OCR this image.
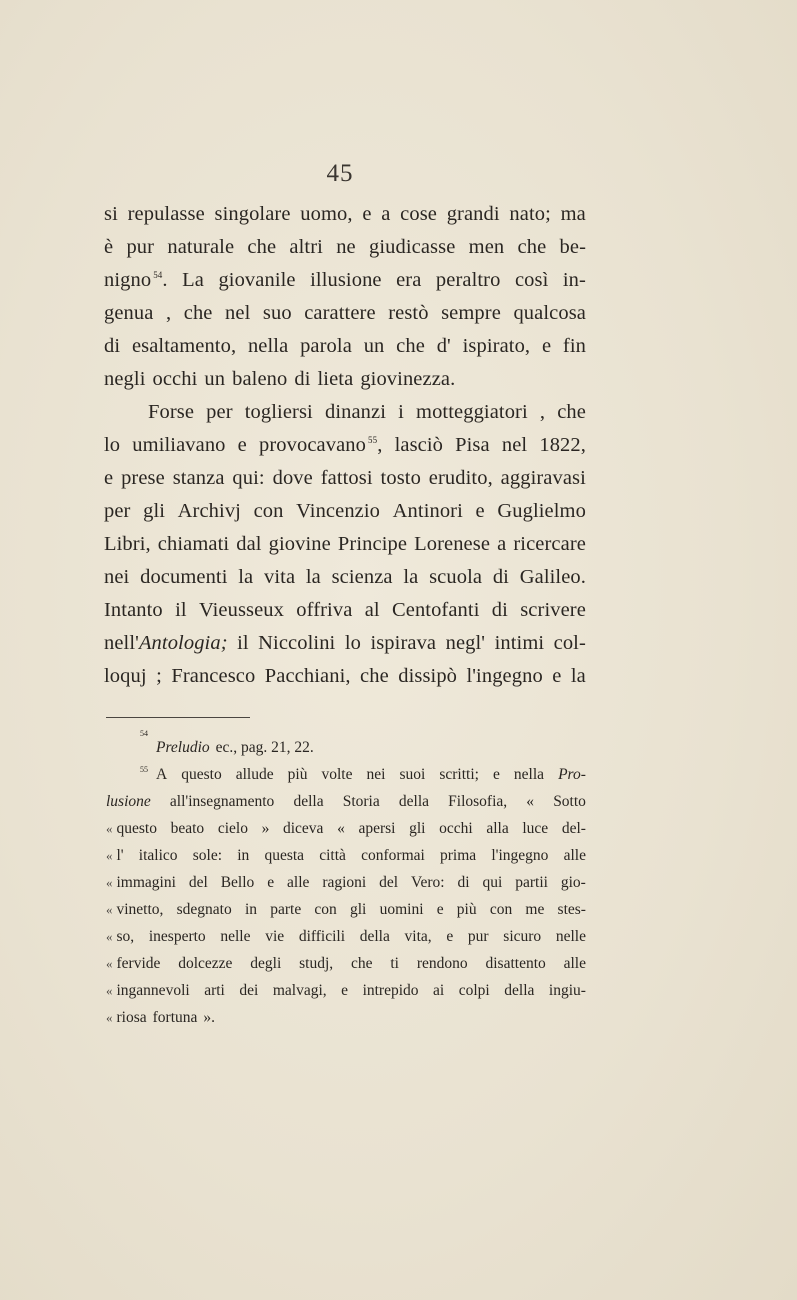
45
si repulasse singolare uomo, e a cose grandi nato; ma
è pur naturale che altri ne giudicasse men che be-
nigno $^{54}$. La giovanile illusione era peraltro così in-
genua , che nel suo carattere restò sempre qualcosa
di esaltamento, nella parola un che d' ispirato, e fin
negli occhi un baleno di lieta giovinezza.
Forse per togliersi dinanzi i motteggiatori , che
lo umiliavano e provocavano $^{55}$, lasciò Pisa nel 1822,
e prese stanza qui: dove fattosi tosto erudito, aggiravasi
per gli Archivj con Vincenzio Antinori e Guglielmo
Libri, chiamati dal giovine Principe Lorenese a ricercare
nei documenti la vita la scienza la scuola di Galileo.
Intanto il Vieusseux offriva al Centofanti di scrivere
nell'Antologia; il Niccolini lo ispirava negl' intimi col-
loquj ; Francesco Pacchiani, che dissipò l'ingegno e la
54
Preludio ec., pag. 21, 22.
$^{55}$ A questo allude più volte nei suoi scritti; e nella Pro-
lusione all'insegnamento della Storia della Filosofia, « Sotto
« questo beato cielo » diceva « apersi gli occhi alla luce del-
« l' italico sole: in questa città conformai prima l'ingegno alle
« immagini del Bello e alle ragioni del Vero: di qui partii gio-
« vinetto, sdegnato in parte con gli uomini e più con me stes-
« so, inesperto nelle vie difficili della vita, e pur sicuro nelle
« fervide dolcezze degli studj, che ti rendono disattento alle
« ingannevoli arti dei malvagi, e intrepido ai colpi della ingiu-
« riosa fortuna ».
